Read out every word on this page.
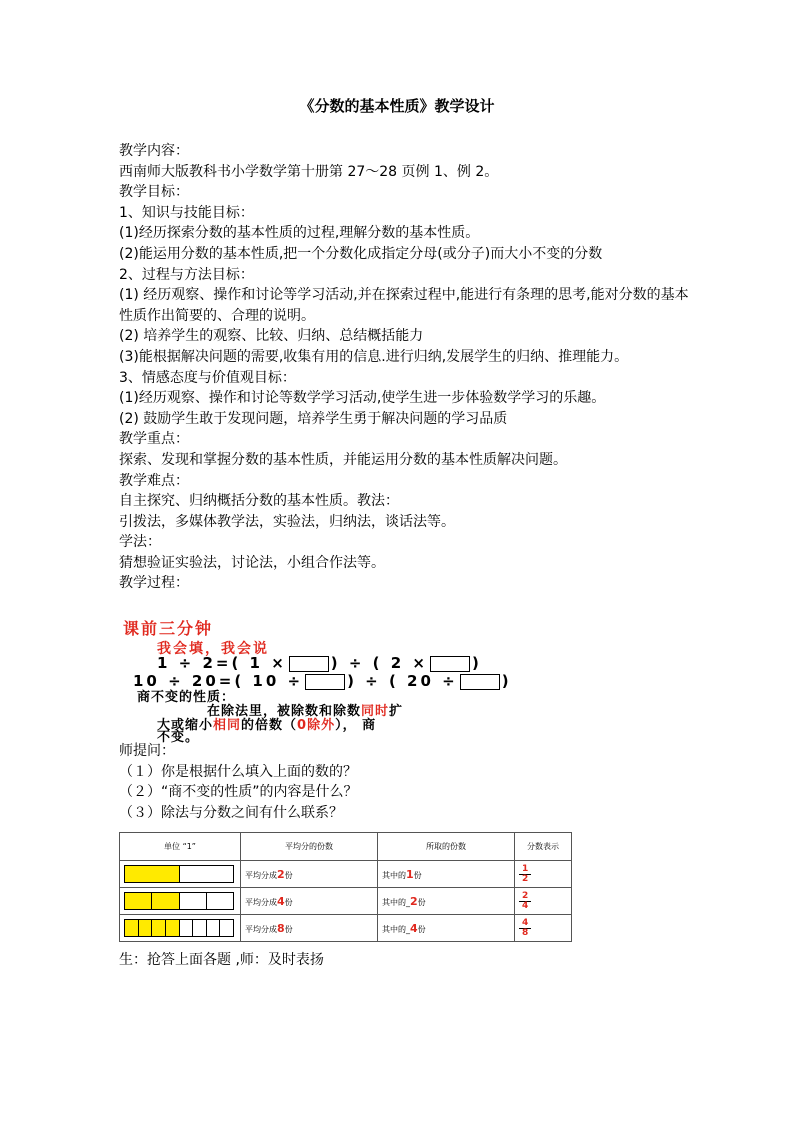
《分数的基本性质》教学设计
教学内容：
西南师大版教科书小学数学第十册第 27～28 页例 1、例 2。
教学目标：
1、知识与技能目标：
(1)经历探索分数的基本性质的过程,理解分数的基本性质。
(2)能运用分数的基本性质,把一个分数化成指定分母(或分子)而大小不变的分数
2、过程与方法目标：
(1) 经历观察、操作和讨论等学习活动,并在探索过程中,能进行有条理的思考,能对分数的基本性质作出简要的、合理的说明。
(2) 培养学生的观察、比较、归纳、总结概括能力
(3)能根据解决问题的需要,收集有用的信息.进行归纳,发展学生的归纳、推理能力。
3、情感态度与价值观目标：
(1)经历观察、操作和讨论等数学学习活动,使学生进一步体验数学学习的乐趣。
(2) 鼓励学生敢于发现问题，培养学生勇于解决问题的学习品质
教学重点：
探索、发现和掌握分数的基本性质，并能运用分数的基本性质解决问题。
教学难点：
自主探究、归纳概括分数的基本性质。教法：
引拨法，多媒体教学法，实验法，归纳法，谈话法等。
学法：
猜想验证实验法，讨论法，小组合作法等。
教学过程：
课前三分钟
我会填，我会说
1 ÷ 2=( 1 ×	) ÷ ( 2 ×	)
10 ÷ 20=( 10 ÷	) ÷ ( 20 ÷	)
商不变的性质：
在除法里，被除数和除数同时扩
大或缩小相同的倍数（0除外）， 商
不变。
师提问：
（１）你是根据什么填入上面的数的？
（２）“商不变的性质”的内容是什么？
（３）除法与分数之间有什么联系？
单位 “1”	平均分的份数	所取的份数	分数表示

	平均分成2份	其中的1份	$\frac{1}{2}$

	平均分成4份	其中的_2份	$\frac{2}{4}$

	平均分成8份	其中的_4份	$\frac{4}{8}$
生：抢答上面各题 ,师：及时表扬
